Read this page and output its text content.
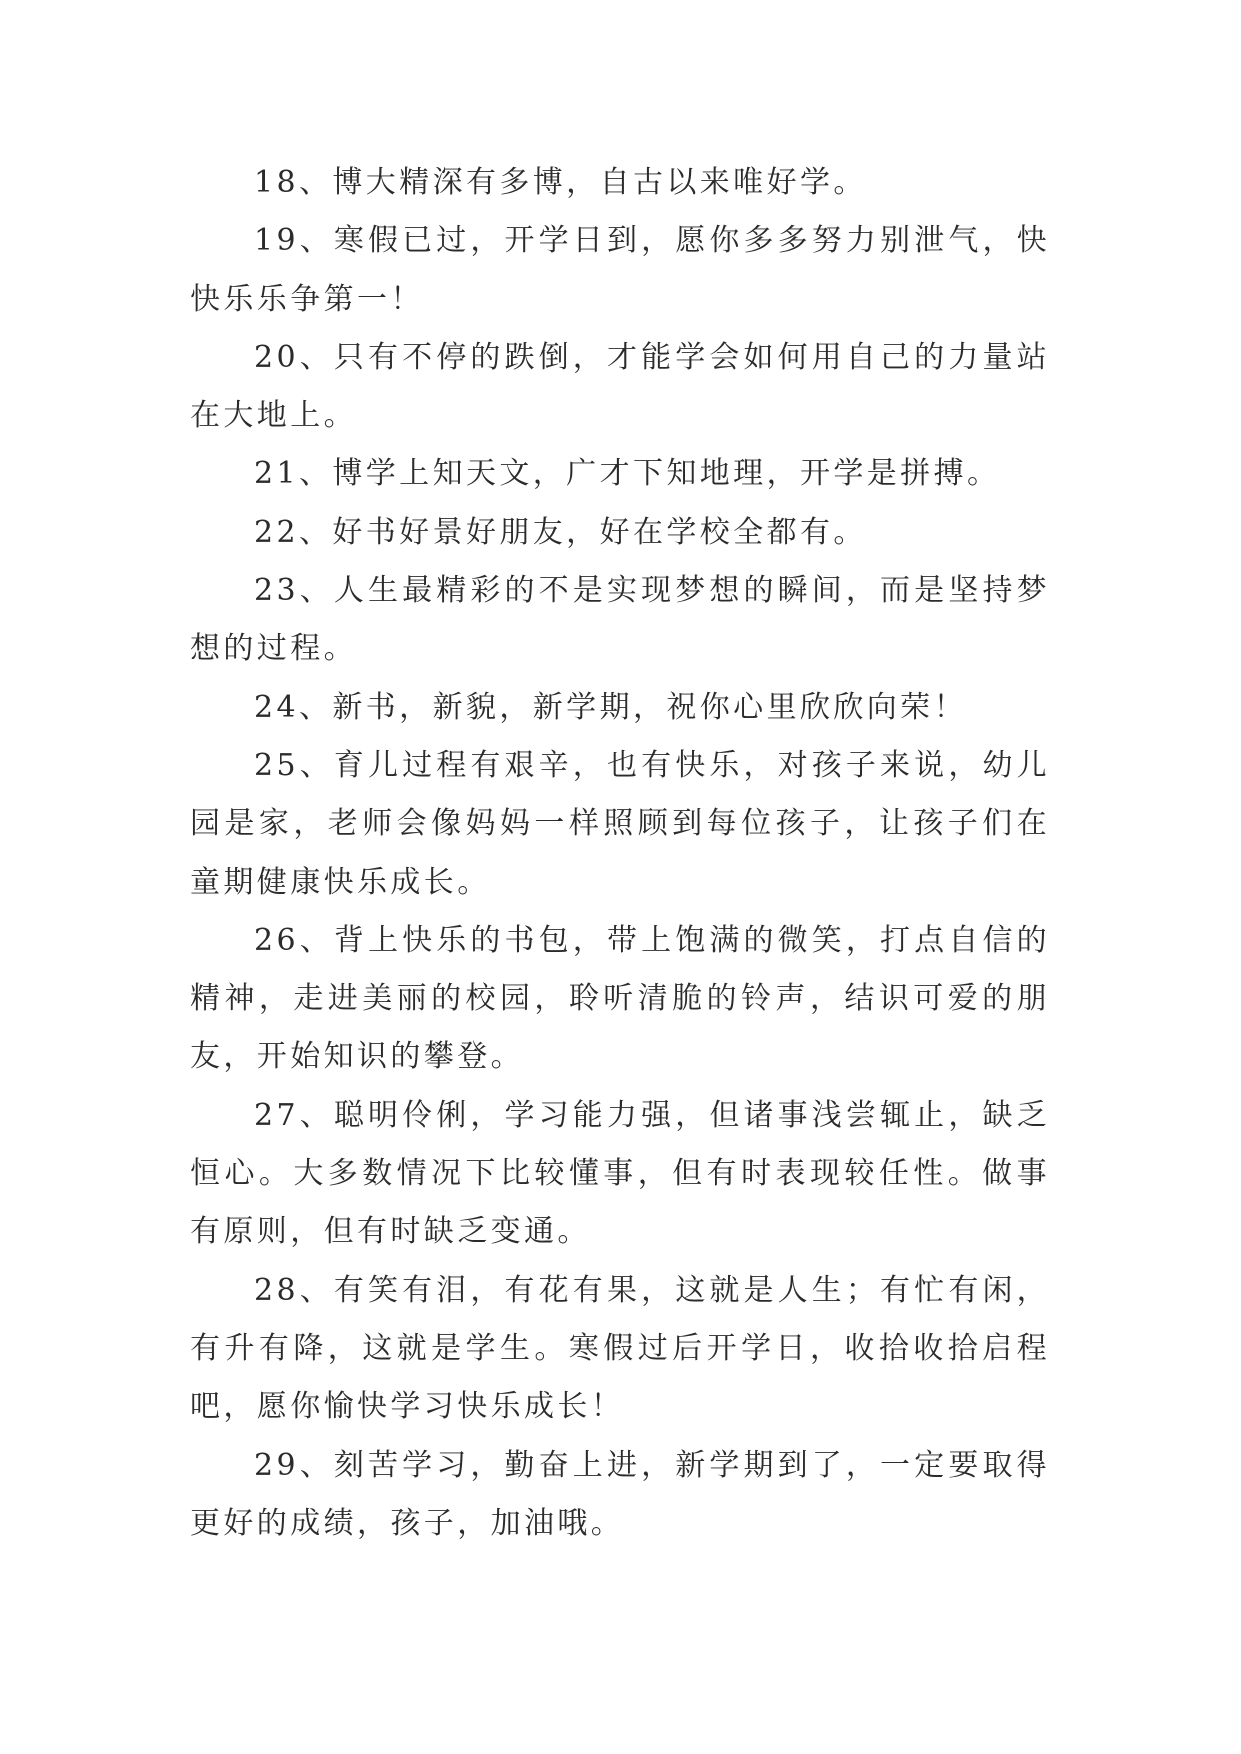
18、博大精深有多博，自古以来唯好学。

19、寒假已过，开学日到，愿你多多努力别泄气，快快乐乐争第一！

20、只有不停的跌倒，才能学会如何用自己的力量站在大地上。

21、博学上知天文，广才下知地理，开学是拼搏。

22、好书好景好朋友，好在学校全都有。

23、人生最精彩的不是实现梦想的瞬间，而是坚持梦想的过程。

24、新书，新貌，新学期，祝你心里欣欣向荣！

25、育儿过程有艰辛，也有快乐，对孩子来说，幼儿园是家，老师会像妈妈一样照顾到每位孩子，让孩子们在童期健康快乐成长。

26、背上快乐的书包，带上饱满的微笑，打点自信的精神，走进美丽的校园，聆听清脆的铃声，结识可爱的朋友，开始知识的攀登。

27、聪明伶俐，学习能力强，但诸事浅尝辄止，缺乏恒心。大多数情况下比较懂事，但有时表现较任性。做事有原则，但有时缺乏变通。

28、有笑有泪，有花有果，这就是人生；有忙有闲，有升有降，这就是学生。寒假过后开学日，收拾收拾启程吧，愿你愉快学习快乐成长！

29、刻苦学习，勤奋上进，新学期到了，一定要取得更好的成绩，孩子，加油哦。
